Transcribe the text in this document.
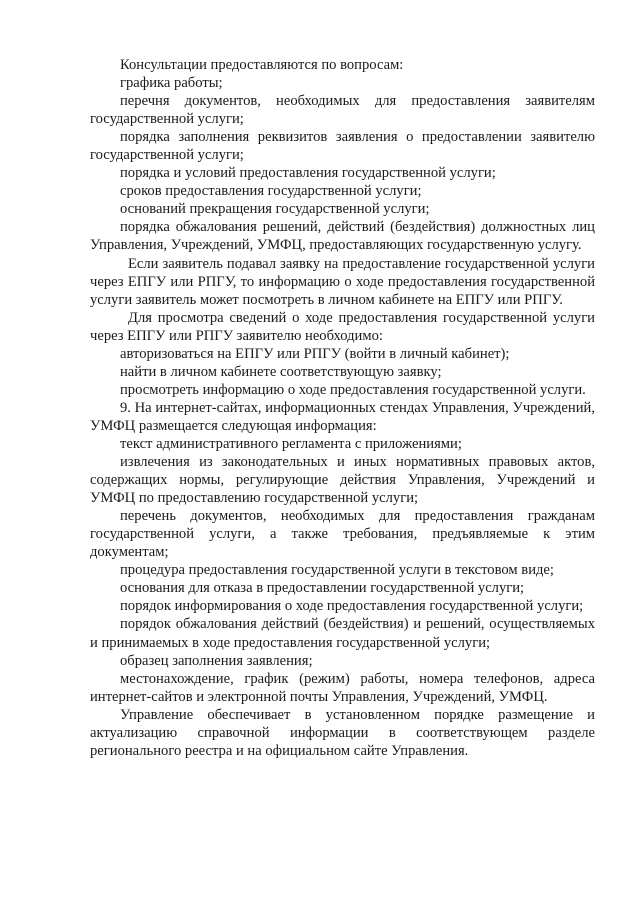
Консультации предоставляются по вопросам:

графика работы;

перечня документов, необходимых для предоставления заявителям государственной услуги;

порядка заполнения реквизитов заявления о предоставлении заявителю государственной услуги;

порядка и условий предоставления государственной услуги;

сроков предоставления государственной услуги;

оснований прекращения государственной услуги;

порядка обжалования решений, действий (бездействия) должностных лиц Управления, Учреждений, УМФЦ, предоставляющих государственную услугу.

Если заявитель подавал заявку на предоставление государственной услуги через ЕПГУ или РПГУ, то информацию о ходе предоставления государственной услуги заявитель может посмотреть в личном кабинете на ЕПГУ или РПГУ.

Для просмотра сведений о ходе предоставления государственной услуги через ЕПГУ или РПГУ заявителю необходимо:

авторизоваться на ЕПГУ или РПГУ (войти в личный кабинет);

найти в личном кабинете соответствующую заявку;

просмотреть информацию о ходе предоставления государственной услуги.

9. На интернет-сайтах, информационных стендах Управления, Учреждений, УМФЦ размещается следующая информация:

текст административного регламента с приложениями;

извлечения из законодательных и иных нормативных правовых актов, содержащих нормы, регулирующие действия Управления, Учреждений и УМФЦ по предоставлению государственной услуги;

перечень документов, необходимых для предоставления гражданам государственной услуги, а также требования, предъявляемые к этим документам;

процедура предоставления государственной услуги в текстовом виде;

основания для отказа в предоставлении государственной услуги;

порядок информирования о ходе предоставления государственной услуги;

порядок обжалования действий (бездействия) и решений, осуществляемых и принимаемых в ходе предоставления государственной услуги;

образец заполнения заявления;

местонахождение, график (режим) работы, номера телефонов, адреса интернет-сайтов и электронной почты Управления, Учреждений, УМФЦ.

Управление обеспечивает в установленном порядке размещение и актуализацию справочной информации в соответствующем разделе регионального реестра и на официальном сайте Управления.
